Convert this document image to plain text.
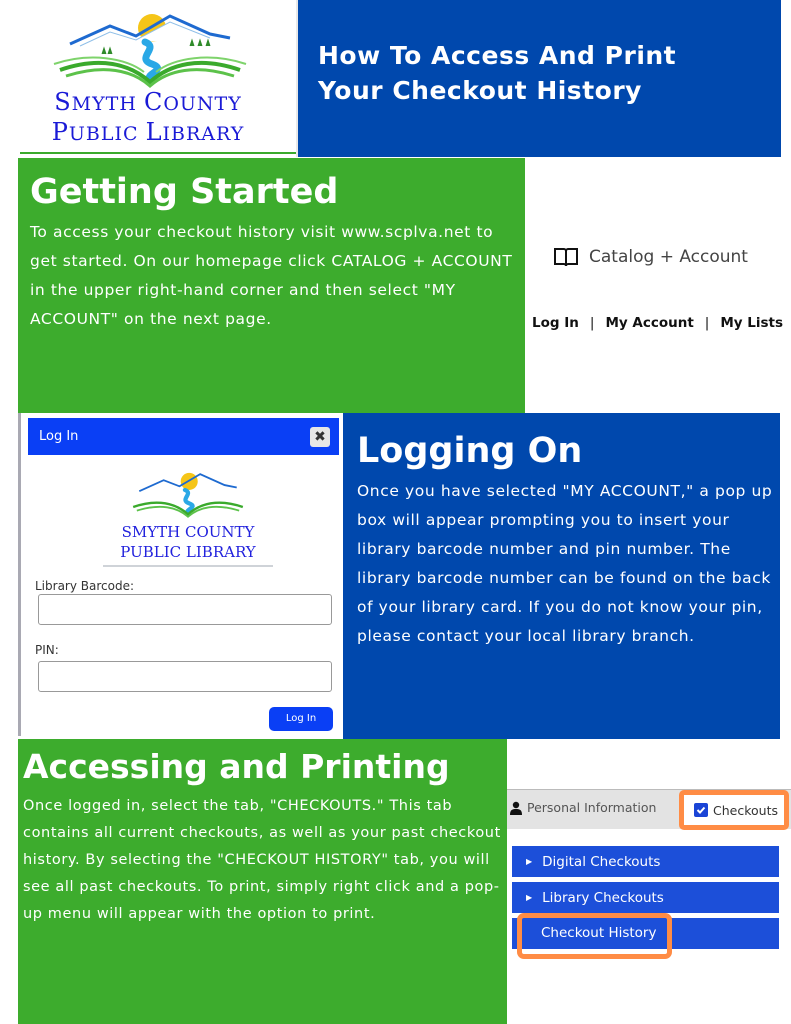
SMYTH COUNTY
PUBLIC LIBRARY
How To Access And Print
Your Checkout History
Getting Started
To access your checkout history visit www.scplva.net to get started. On our homepage click CATALOG + ACCOUNT in the upper right-hand corner and then select "MY ACCOUNT" on the next page.
Catalog + Account
Log In | My Account | My Lists
Logging On
Once you have selected "MY ACCOUNT," a pop up box will appear prompting you to insert your library barcode number and pin number. The library barcode number can be found on the back of your library card. If you do not know your pin, please contact your local library branch.
Log In	✖
SMYTH COUNTY
PUBLIC LIBRARY
Library Barcode:
PIN:
Log In
Accessing and Printing
Once logged in, select the tab, "CHECKOUTS." This tab contains all current checkouts, as well as your past checkout history. By selecting the "CHECKOUT HISTORY" tab, you will see all past checkouts. To print, simply right click and a pop-up menu will appear with the option to print.
Personal Information	Checkouts
▶ Digital Checkouts
▶ Library Checkouts
Checkout History
